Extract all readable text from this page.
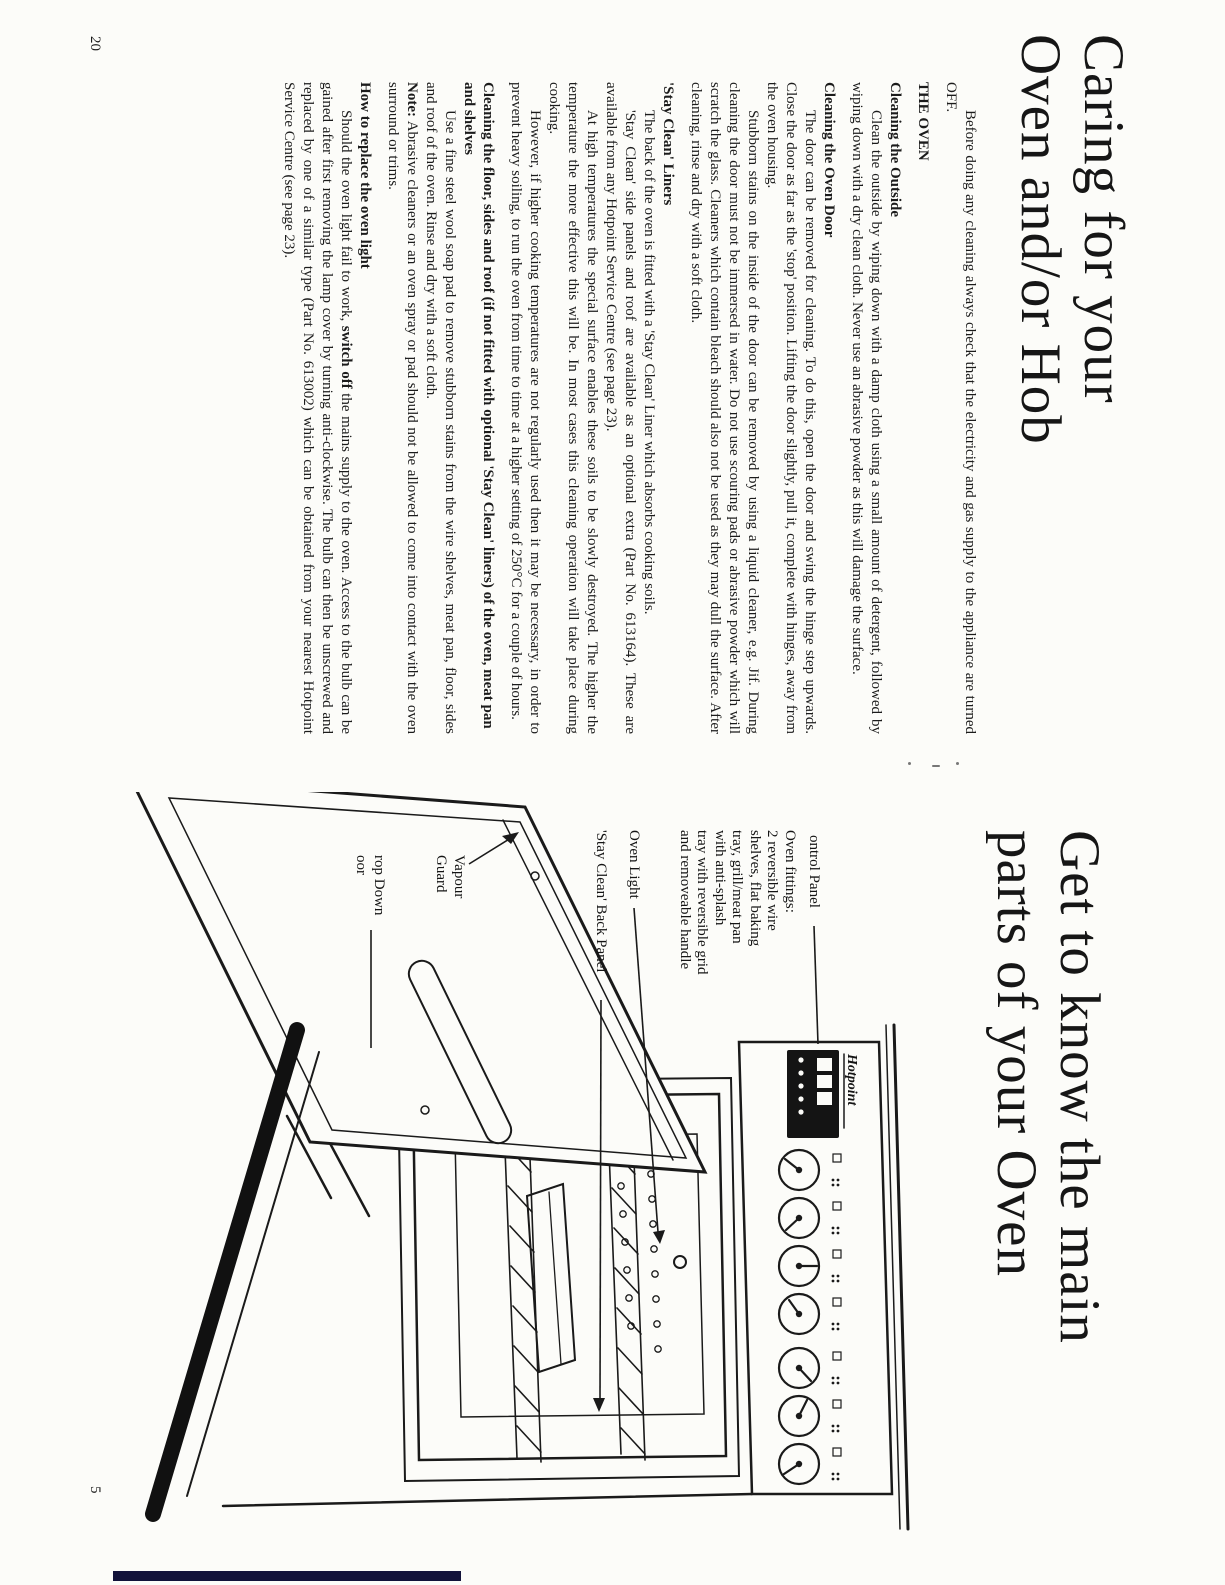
Caring for your
Oven and/or Hob

Before doing any cleaning always check that the electricity and gas supply to the appliance are turned OFF.

THE OVEN

Cleaning the Outside

Clean the outside by wiping down with a damp cloth using a small amount of detergent, followed by wiping down with a dry clean cloth. Never use an abrasive powder as this will damage the surface.

Cleaning the Oven Door

The door can be removed for cleaning. To do this, open the door and swing the hinge step upwards. Close the door as far as the 'stop' position. Lifting the door slightly, pull it, complete with hinges, away from the oven housing.

Stubborn stains on the inside of the door can be removed by using a liquid cleaner, e.g. Jif. During cleaning the door must not be immersed in water. Do not use scouring pads or abrasive powder which will scratch the glass. Cleaners which contain bleach should also not be used as they may dull the surface. After cleaning, rinse and dry with a soft cloth.

'Stay Clean' Liners

The back of the oven is fitted with a 'Stay Clean' Liner which absorbs cooking soils.

'Stay Clean' side panels and roof are available as an optional extra (Part No. 613164). These are available from any Hotpoint Service Centre (see page 23).

At high temperatures the special surface enables these soils to be slowly destroyed. The higher the temperature the more effective this will be. In most cases this cleaning operation will take place during cooking.

However, if higher cooking temperatures are not regularly used then it may be necessary, in order to prevent heavy soiling, to run the oven from time to time at a higher setting of 250°C for a couple of hours.

Cleaning the floor, sides and roof (if not fitted with optional 'Stay Clean' liners) of the oven, meat pan and shelves

Use a fine steel wool soap pad to remove stubborn stains from the wire shelves, meat pan, floor, sides and roof of the oven. Rinse and dry with a soft cloth.

Note: Abrasive cleaners or an oven spray or pad should not be allowed to come into contact with the oven surround or trims.

How to replace the oven light

Should the oven light fail to work, switch off the mains supply to the oven. Access to the bulb can be gained after first removing the lamp cover by turning anti-clockwise. The bulb can then be unscrewed and replaced by one of a similar type (Part No. 613002) which can be obtained from your nearest Hotpoint Service Centre (see page 23).

20
Hotpoint	Get to know the main
parts of your Oven
ontrol Panel
Oven fittings:
2 reversible wire
shelves, flat baking
tray, grill/meat pan
with anti-splash
tray with reversible grid
and removeable handle
Oven Light
'Stay Clean' Back Panel
Vapour
Guard
rop Down
oor
5
